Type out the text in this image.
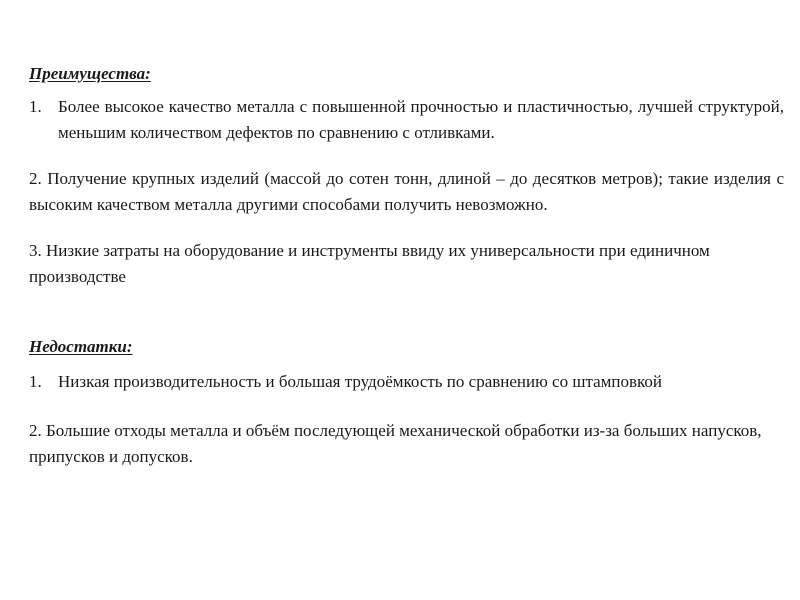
Преимущества:
1. Более высокое качество металла с повышенной прочностью и пластичностью, лучшей структурой, меньшим количеством дефектов по сравнению с отливками.

2. Получение крупных изделий (массой до сотен тонн, длиной – до десятков метров); такие изделия с высоким качеством металла другими способами получить невозможно.

3. Низкие затраты на оборудование и инструменты ввиду их универсальности при единичном производстве

Недостатки:
1. Низкая производительность и большая трудоёмкость по сравнению со штамповкой

2. Большие отходы металла и объём последующей механической обработки из-за больших напусков, припусков и допусков.
